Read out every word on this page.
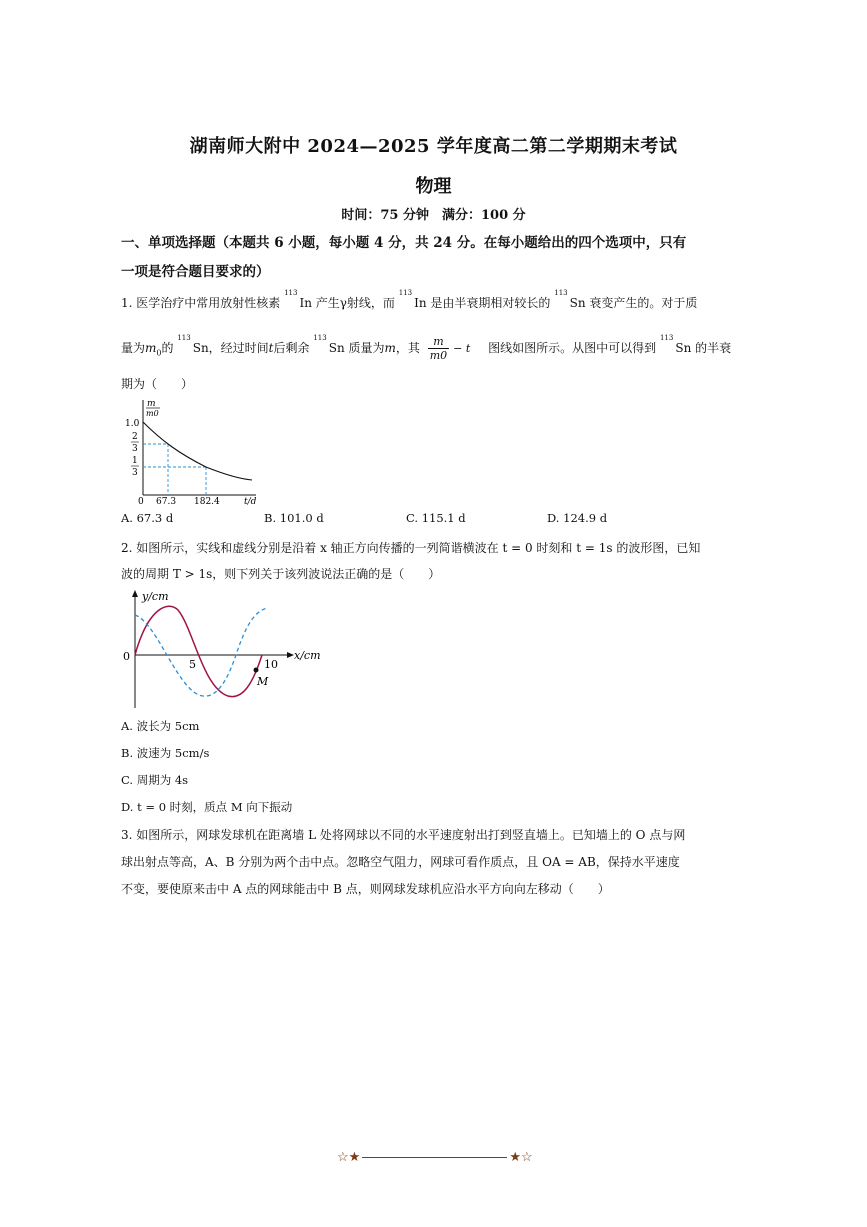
湖南师大附中 2024—2025 学年度高二第二学期期末考试
物理
时间：75 分钟　满分：100 分
一、单项选择题（本题共 6 小题，每小题 4 分，共 24 分。在每小题给出的四个选项中，只有
一项是符合题目要求的）
1. 医学治疗中常用放射性核素 $^{113}$In 产生γ射线，而 $^{113}$In 是由半衰期相对较长的 $^{113}$Sn 衰变产生的。对于质
量为$m_0$的 $^{113}$Sn，经过时间t后剩余 $^{113}$Sn 质量为m，其 $\frac{m}{m0} - t$ 图线如图所示。从图中可以得到 $^{113}$Sn 的半衰
期为（　　）
m
m0
1.0
2
3
1
3
0 67.3 182.4	t/d
A. 67.3 d	B. 101.0 d	C. 115.1 d	D. 124.9 d
2. 如图所示，实线和虚线分别是沿着 x 轴正方向传播的一列简谐横波在 t = 0 时刻和 t = 1s 的波形图，已知
波的周期 T > 1s，则下列关于该列波说法正确的是（　　）
y/cm
x/cm
0
5	10
M
A. 波长为 5cm
B. 波速为 5cm/s
C. 周期为 4s
D. t = 0 时刻，质点 M 向下振动
3. 如图所示，网球发球机在距离墙 L 处将网球以不同的水平速度射出打到竖直墙上。已知墙上的 O 点与网
球出射点等高，A、B 分别为两个击中点。忽略空气阻力，网球可看作质点，且 OA = AB，保持水平速度
不变，要使原来击中 A 点的网球能击中 B 点，则网球发球机应沿水平方向向左移动（　　）
☆★	★☆
